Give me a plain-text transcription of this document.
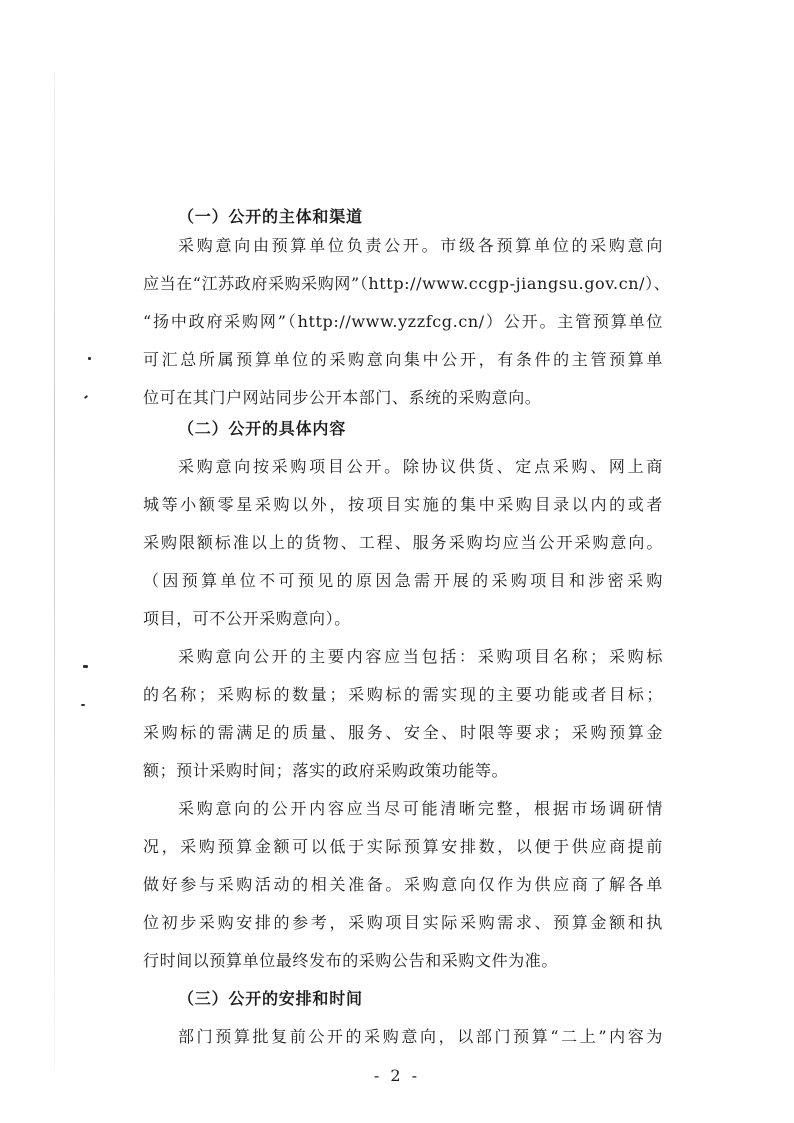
（一）公开的主体和渠道
采购意向由预算单位负责公开。市级各预算单位的采购意向
应当在“江苏政府采购采购网”（http://www.ccgp-jiangsu.gov.cn/）、
“扬中政府采购网”（http://www.yzzfcg.cn/）公开。主管预算单位
可汇总所属预算单位的采购意向集中公开，有条件的主管预算单
位可在其门户网站同步公开本部门、系统的采购意向。
（二）公开的具体内容
采购意向按采购项目公开。除协议供货、定点采购、网上商
城等小额零星采购以外，按项目实施的集中采购目录以内的或者
采购限额标准以上的货物、工程、服务采购均应当公开采购意向。
（因预算单位不可预见的原因急需开展的采购项目和涉密采购
项目，可不公开采购意向）。
采购意向公开的主要内容应当包括：采购项目名称；采购标
的名称；采购标的数量；采购标的需实现的主要功能或者目标；
采购标的需满足的质量、服务、安全、时限等要求；采购预算金
额；预计采购时间；落实的政府采购政策功能等。
采购意向的公开内容应当尽可能清晰完整，根据市场调研情
况，采购预算金额可以低于实际预算安排数，以便于供应商提前
做好参与采购活动的相关准备。采购意向仅作为供应商了解各单
位初步采购安排的参考，采购项目实际采购需求、预算金额和执
行时间以预算单位最终发布的采购公告和采购文件为准。
（三）公开的安排和时间
部门预算批复前公开的采购意向，以部门预算“二上”内容为
- 2 -
